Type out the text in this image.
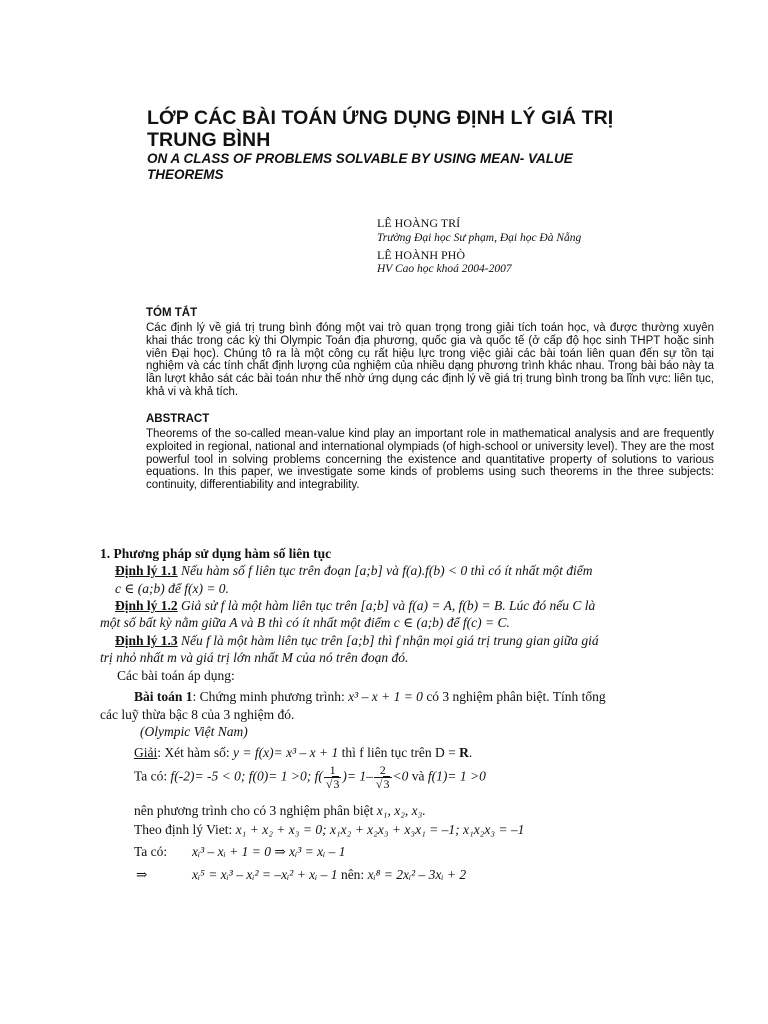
LỚP CÁC BÀI TOÁN ỨNG DỤNG ĐỊNH LÝ GIÁ TRỊ
TRUNG BÌNH
ON A CLASS OF PROBLEMS SOLVABLE BY USING MEAN- VALUE
THEOREMS
LÊ HOÀNG TRÍ
Trường Đại học Sư phạm, Đại học Đà Nẵng
LÊ HOÀNH PHÒ
HV Cao học khoá 2004-2007
TÓM TẮT
Các định lý về giá trị trung bình đóng một vai trò quan trọng trong giải tích toán học, và được thường xuyên khai thác trong các kỳ thi Olympic Toán địa phương, quốc gia và quốc tế (ở cấp độ học sinh THPT hoặc sinh viên Đại học). Chúng tô ra là một công cụ rất hiệu lực trong việc giải các bài toán liên quan đến sự tồn tại nghiệm và các tính chất định lượng của nghiệm của nhiều dạng phương trình khác nhau. Trong bài báo này ta lần lượt khảo sát các bài toán như thế nhờ ứng dụng các định lý về giá trị trung bình trong ba lĩnh vực: liên tục, khả vi và khả tích.
ABSTRACT
Theorems of the so-called mean-value kind play an important role in mathematical analysis and are frequently exploited in regional, national and international olympiads (of high-school or university level). They are the most powerful tool in solving problems concerning the existence and quantitative property of solutions to various equations. In this paper, we investigate some kinds of problems using such theorems in the three subjects: continuity, differentiability and integrability.
1. Phương pháp sử dụng hàm số liên tục
Định lý 1.1 Nếu hàm số f liên tục trên đoạn [a;b] và f(a).f(b) < 0 thì có ít nhất một điểm
c ∈ (a;b) để f(x) = 0.
Định lý 1.2 Giả sử f là một hàm liên tục trên [a;b] và f(a) = A, f(b) = B. Lúc đó nếu C là
một số bất kỳ nằm giữa A và B thì có ít nhất một điểm c ∈ (a;b) để f(c) = C.
Định lý 1.3 Nếu f là một hàm liên tục trên [a;b] thì f nhận mọi giá trị trung gian giữa giá
trị nhỏ nhất m và giá trị lớn nhất M của nó trên đoạn đó.
Các bài toán áp dụng:
Bài toán 1: Chứng minh phương trình: x³ – x + 1 = 0 có 3 nghiệm phân biệt. Tính tổng
các luỹ thừa bậc 8 của 3 nghiệm đó.
(Olympic Việt Nam)
Giải: Xét hàm số: y = f(x)= x³ – x + 1 thì f liên tục trên D = R.
Ta có: f(-2)= -5 < 0; f(0)= 1 >0; $f( \frac{1}{√3}$ )= $1- \frac{2}{√3} <0$ và f(1)= 1 >0
nên phương trình cho có 3 nghiệm phân biệt x₁, x₂, x₃.
Theo định lý Viet: x₁ + x₂ + x₃ = 0; x₁x₂ + x₂x₃ + x₃x₁ = –1; x₁x₂x₃ = –1
Ta có: xᵢ³ – xᵢ + 1 = 0 ⇒ xᵢ³ = xᵢ – 1
⇒	xᵢ⁵ = xᵢ³ – xᵢ² = –xᵢ² + xᵢ – 1 nên: xᵢ⁸ = 2xᵢ² – 3xᵢ + 2
